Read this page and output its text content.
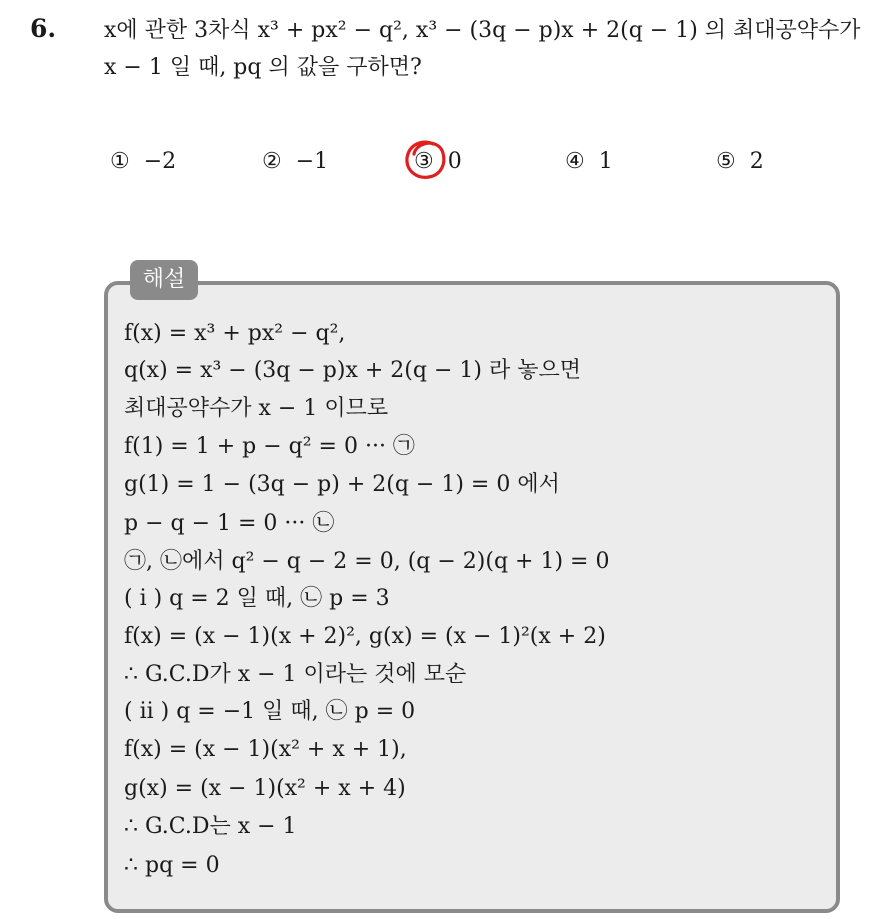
6. x에 관한 3차식 x³ + px² − q², x³ − (3q − p)x + 2(q − 1) 의 최대공약수가
x − 1 일 때, pq 의 값을 구하면?
① −2	② −1	③ 0	④ 1	⑤ 2
해설
f(x) = x³ + px² − q²,
q(x) = x³ − (3q − p)x + 2(q − 1) 라 놓으면
최대공약수가 x − 1 이므로
f(1) = 1 + p − q² = 0 ··· ㉠
g(1) = 1 − (3q − p) + 2(q − 1) = 0 에서
p − q − 1 = 0 ··· ㉡
㉠, ㉡에서 q² − q − 2 = 0, (q − 2)(q + 1) = 0
( i ) q = 2 일 때, ㉡ p = 3
f(x) = (x − 1)(x + 2)², g(x) = (x − 1)²(x + 2)
∴ G.C.D가 x − 1 이라는 것에 모순
( ii ) q = −1 일 때, ㉡ p = 0
f(x) = (x − 1)(x² + x + 1),
g(x) = (x − 1)(x² + x + 4)
∴ G.C.D는 x − 1
∴ pq = 0
